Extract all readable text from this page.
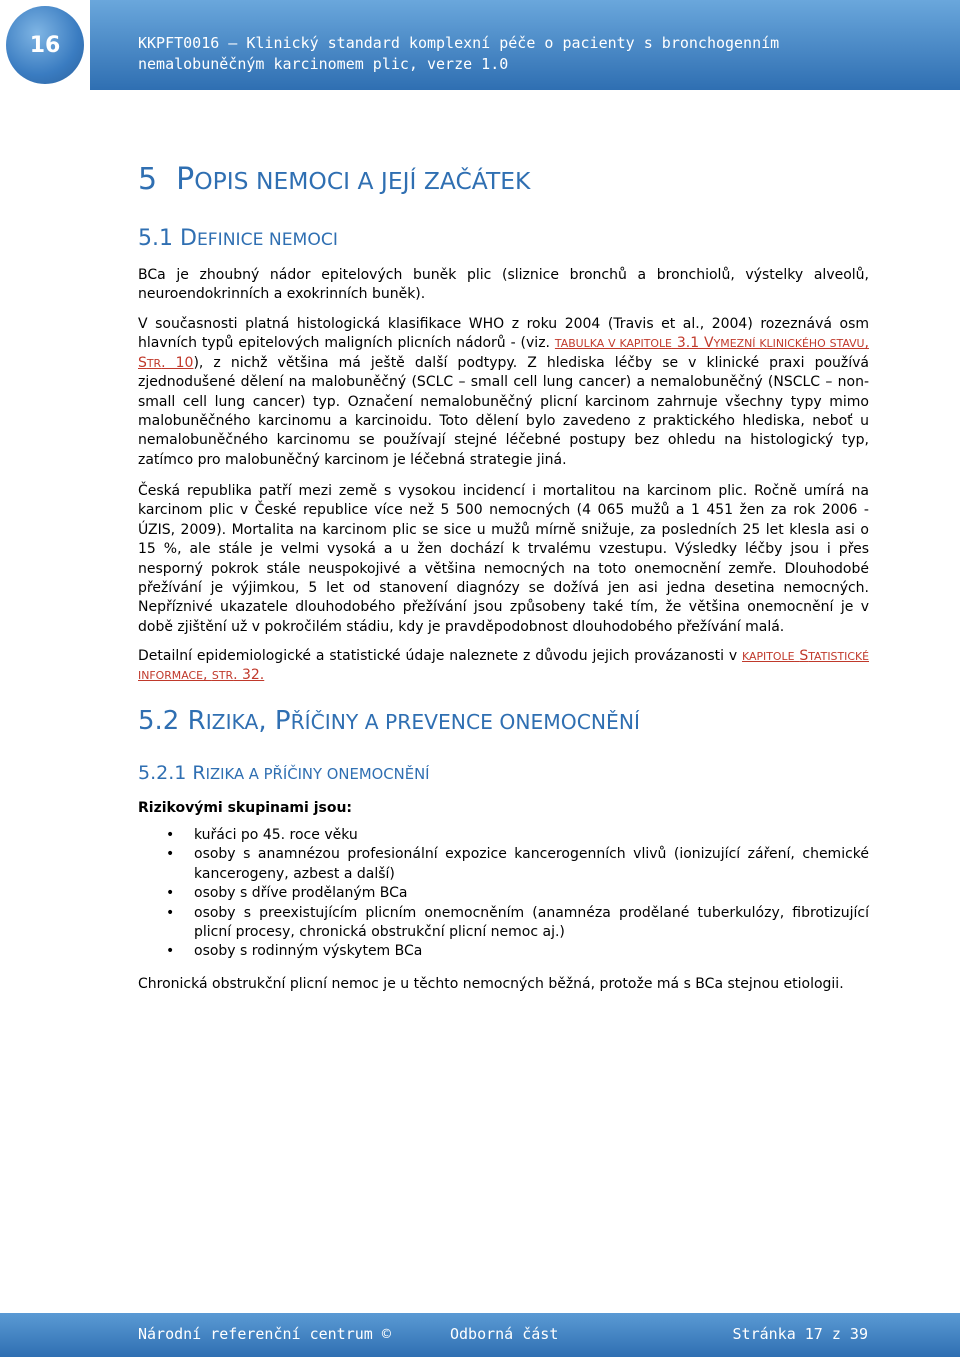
16	KKPFT0016 – Klinický standard komplexní péče o pacienty s bronchogenním
nemalobuněčným karcinomem plic, verze 1.0
5 POPIS NEMOCI A JEJÍ ZAČÁTEK
5.1 DEFINICE NEMOCI
BCa je zhoubný nádor epitelových buněk plic (sliznice bronchů a bronchiolů, výstelky alveolů, neuroendokrinních a exokrinních buněk).
V současnosti platná histologická klasifikace WHO z roku 2004 (Travis et al., 2004) rozeznává osm hlavních typů epitelových maligních plicních nádorů - (viz. TABULKA V KAPITOLE 3.1 VYMEZNÍ KLINICKÉHO STAVU, STR. 10), z nichž většina má ještě další podtypy. Z hlediska léčby se v klinické praxi používá zjednodušené dělení na malobuněčný (SCLC – small cell lung cancer) a nemalobuněčný (NSCLC – non-small cell lung cancer) typ. Označení nemalobuněčný plicní karcinom zahrnuje všechny typy mimo malobuněčného karcinomu a karcinoidu. Toto dělení bylo zavedeno z praktického hlediska, neboť u nemalobuněčného karcinomu se používají stejné léčebné postupy bez ohledu na histologický typ, zatímco pro malobuněčný karcinom je léčebná strategie jiná.
Česká republika patří mezi země s vysokou incidencí i mortalitou na karcinom plic. Ročně umírá na karcinom plic v České republice více než 5 500 nemocných (4 065 mužů a 1 451 žen za rok 2006 - ÚZIS, 2009). Mortalita na karcinom plic se sice u mužů mírně snižuje, za posledních 25 let klesla asi o 15 %, ale stále je velmi vysoká a u žen dochází k trvalému vzestupu. Výsledky léčby jsou i přes nesporný pokrok stále neuspokojivé a většina nemocných na toto onemocnění zemře. Dlouhodobé přežívání je výjimkou, 5 let od stanovení diagnózy se dožívá jen asi jedna desetina nemocných. Nepříznivé ukazatele dlouhodobého přežívání jsou způsobeny také tím, že většina onemocnění je v době zjištění už v pokročilém stádiu, kdy je pravděpodobnost dlouhodobého přežívání malá.
Detailní epidemiologické a statistické údaje naleznete z důvodu jejich provázanosti v KAPITOLE STATISTICKÉ INFORMACE, STR. 32.
5.2 RIZIKA, PŘÍČINY A PREVENCE ONEMOCNĚNÍ
5.2.1 RIZIKA A PŘÍČINY ONEMOCNĚNÍ
Rizikovými skupinami jsou:
• kuřáci po 45. roce věku
• osoby s anamnézou profesionální expozice kancerogenních vlivů (ionizující záření, chemické kancerogeny, azbest a další)
• osoby s dříve prodělaným BCa
• osoby s preexistujícím plicním onemocněním (anamnéza prodělané tuberkulózy, fibrotizující plicní procesy, chronická obstrukční plicní nemoc aj.)
• osoby s rodinným výskytem BCa
Chronická obstrukční plicní nemoc je u těchto nemocných běžná, protože má s BCa stejnou etiologii.
Národní referenční centrum ©	Odborná část	Stránka 17 z 39
